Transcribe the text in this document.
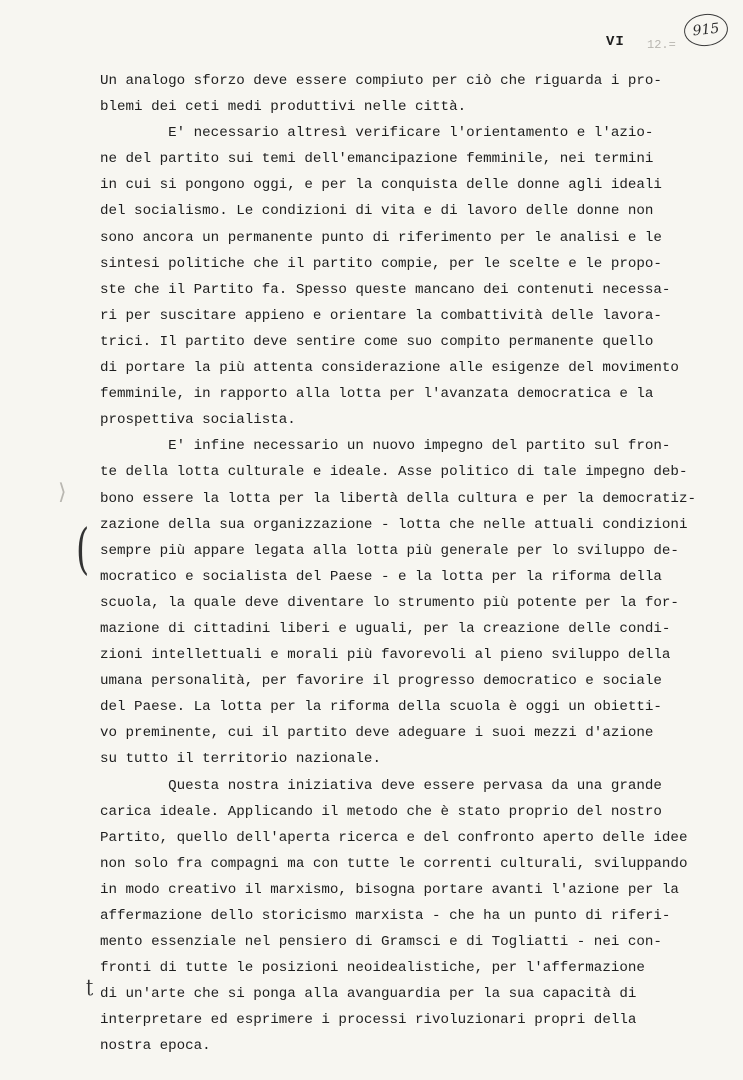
VI 12.=
915
⟩
(
ʈ
Un analogo sforzo deve essere compiuto per ciò che riguarda i pro-
blemi dei ceti medi produttivi nelle città.
E' necessario altresì verificare l'orientamento e l'azio-
ne del partito sui temi dell'emancipazione femminile, nei termini
in cui si pongono oggi, e per la conquista delle donne agli ideali
del socialismo. Le condizioni di vita e di lavoro delle donne non
sono ancora un permanente punto di riferimento per le analisi e le
sintesi politiche che il partito compie, per le scelte e le propo-
ste che il Partito fa. Spesso queste mancano dei contenuti necessa-
ri per suscitare appieno e orientare la combattività delle lavora-
trici. Il partito deve sentire come suo compito permanente quello
di portare la più attenta considerazione alle esigenze del movimento
femminile, in rapporto alla lotta per l'avanzata democratica e la
prospettiva socialista.
E' infine necessario un nuovo impegno del partito sul fron-
te della lotta culturale e ideale. Asse politico di tale impegno deb-
bono essere la lotta per la libertà della cultura e per la democratiz-
zazione della sua organizzazione - lotta che nelle attuali condizioni
sempre più appare legata alla lotta più generale per lo sviluppo de-
mocratico e socialista del Paese - e la lotta per la riforma della
scuola, la quale deve diventare lo strumento più potente per la for-
mazione di cittadini liberi e uguali, per la creazione delle condi-
zioni intellettuali e morali più favorevoli al pieno sviluppo della
umana personalità, per favorire il progresso democratico e sociale
del Paese. La lotta per la riforma della scuola è oggi un obietti-
vo preminente, cui il partito deve adeguare i suoi mezzi d'azione
su tutto il territorio nazionale.
Questa nostra iniziativa deve essere pervasa da una grande
carica ideale. Applicando il metodo che è stato proprio del nostro
Partito, quello dell'aperta ricerca e del confronto aperto delle idee
non solo fra compagni ma con tutte le correnti culturali, sviluppando
in modo creativo il marxismo, bisogna portare avanti l'azione per la
affermazione dello storicismo marxista - che ha un punto di riferi-
mento essenziale nel pensiero di Gramsci e di Togliatti - nei con-
fronti di tutte le posizioni neoidealistiche, per l'affermazione
di un'arte che si ponga alla avanguardia per la sua capacità di
interpretare ed esprimere i processi rivoluzionari propri della
nostra epoca.
